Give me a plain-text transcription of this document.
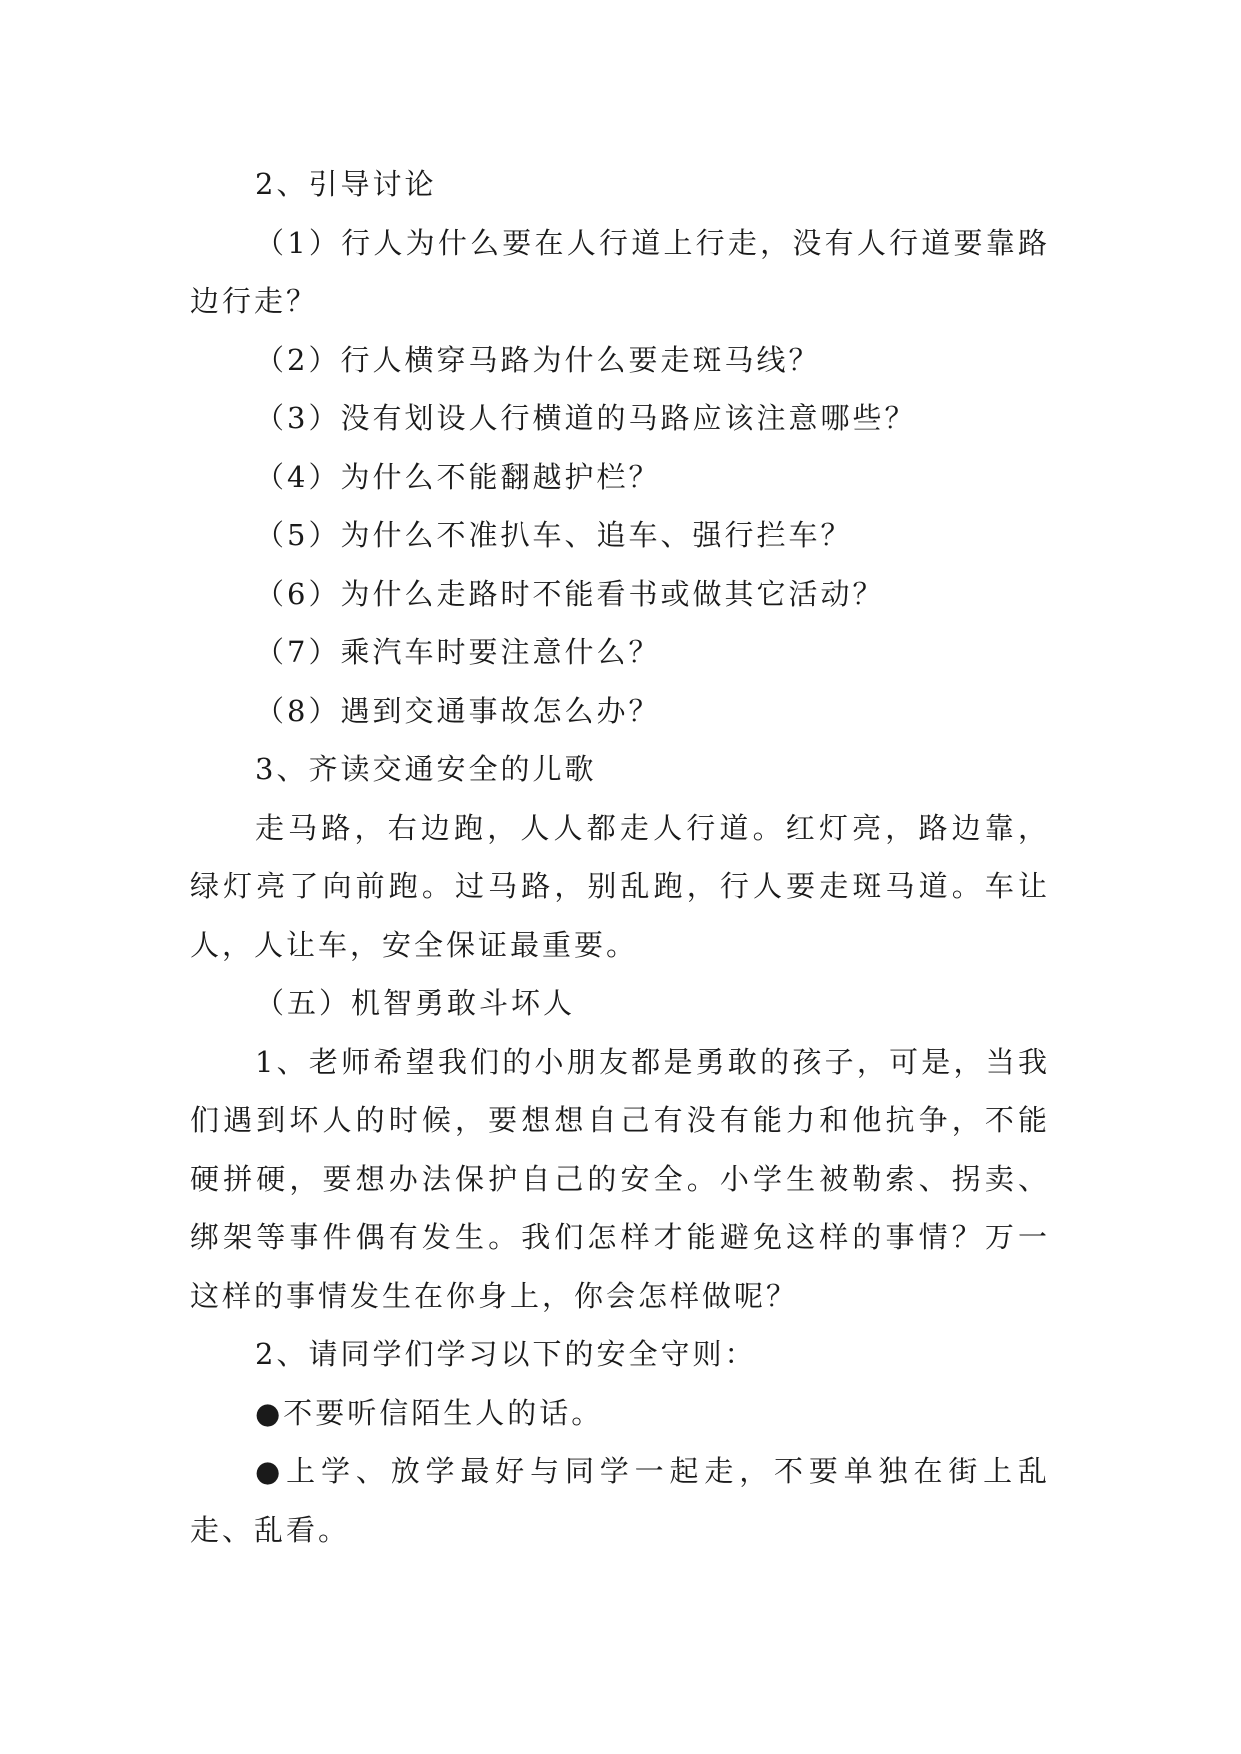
2、引导讨论

（1）行人为什么要在人行道上行走，没有人行道要靠路边行走？

（2）行人横穿马路为什么要走斑马线？

（3）没有划设人行横道的马路应该注意哪些？

（4）为什么不能翻越护栏？

（5）为什么不准扒车、追车、强行拦车？

（6）为什么走路时不能看书或做其它活动？

（7）乘汽车时要注意什么？

（8）遇到交通事故怎么办？

3、齐读交通安全的儿歌

走马路，右边跑，人人都走人行道。红灯亮，路边靠，绿灯亮了向前跑。过马路，别乱跑，行人要走斑马道。车让人，人让车，安全保证最重要。

（五）机智勇敢斗坏人

1、老师希望我们的小朋友都是勇敢的孩子，可是，当我们遇到坏人的时候，要想想自己有没有能力和他抗争，不能硬拼硬，要想办法保护自己的安全。小学生被勒索、拐卖、绑架等事件偶有发生。我们怎样才能避免这样的事情？万一这样的事情发生在你身上，你会怎样做呢？

2、请同学们学习以下的安全守则：

●不要听信陌生人的话。

●上学、放学最好与同学一起走，不要单独在街上乱走、乱看。
